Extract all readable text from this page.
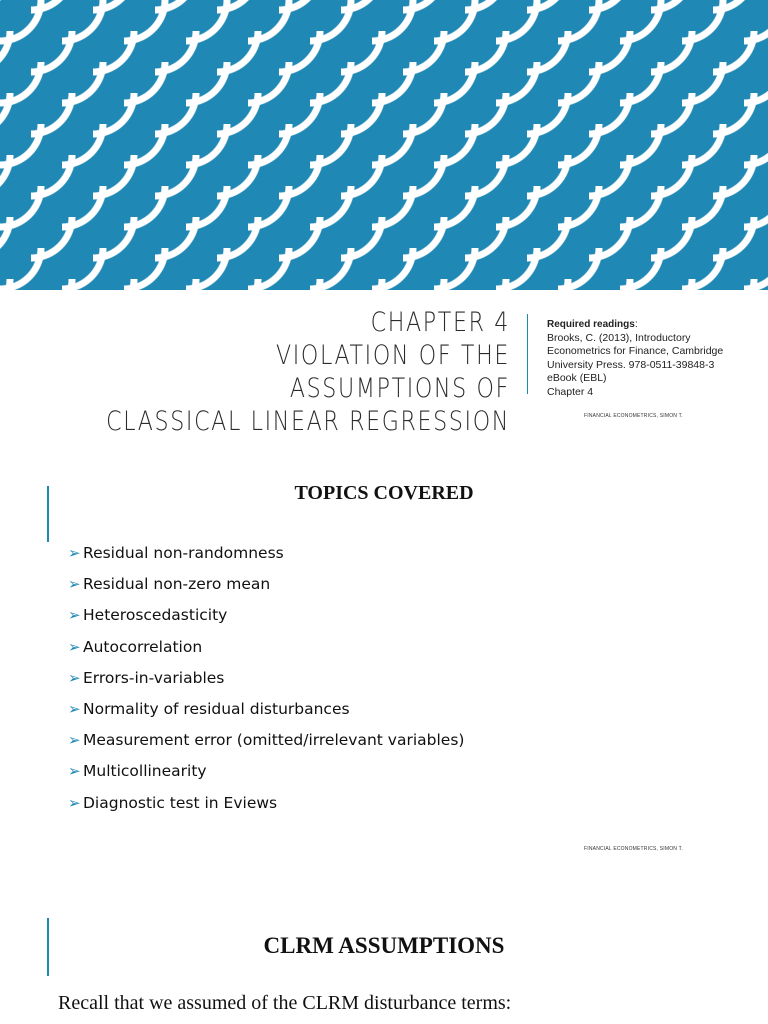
CHAPTER 4
VIOLATION OF THE ASSUMPTIONS OF
CLASSICAL LINEAR REGRESSION
Required readings:
Brooks, C. (2013), Introductory
Econometrics for Finance, Cambridge
University Press. 978-0511-39848-3
eBook (EBL)
Chapter 4
FINANCIAL ECONOMETRICS, SIMON T.
TOPICS COVERED
➢ Residual non-randomness
➢ Residual non-zero mean
➢ Heteroscedasticity
➢ Autocorrelation
➢ Errors-in-variables
➢ Normality of residual disturbances
➢ Measurement error (omitted/irrelevant variables)
➢ Multicollinearity
➢ Diagnostic test in Eviews
FINANCIAL ECONOMETRICS, SIMON T.
CLRM ASSUMPTIONS
Recall that we assumed of the CLRM disturbance terms:
